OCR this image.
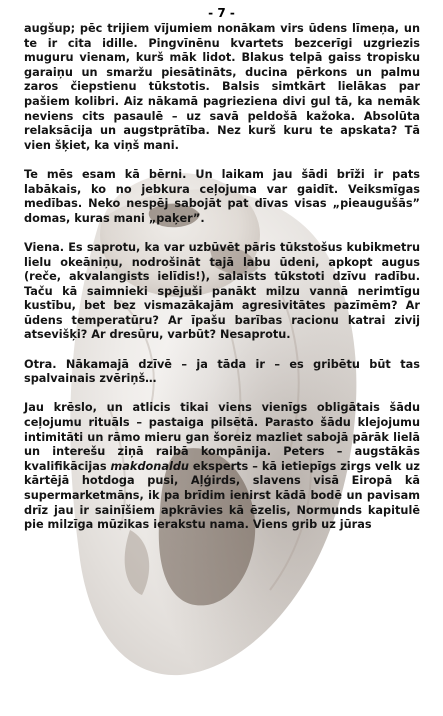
- 7 -

augšup; pēc trijiem vījumiem nonākam virs ūdens līmeņa, un te ir cita idille. Pingvīnēnu kvartets bezcerīgi uzgriezis muguru vienam, kurš māk lidot. Blakus telpā gaiss tropisku garaiņu un smaržu piesātināts, ducina pērkons un palmu zaros čiepstienu tūkstotis. Balsis simtkārt lielākas par pašiem kolibri. Aiz nākamā pagrieziena divi gul tā, ka nemāk neviens cits pasaulē – uz savā peldošā kažoka. Absolūta relaksācija un augstprātība. Nez kurš kuru te apskata? Tā vien šķiet, ka viņš mani.

Te mēs esam kā bērni. Un laikam jau šādi brīži ir pats labākais, ko no jebkura ceļojuma var gaidīt. Veiksmīgas medības. Neko nespēj sabojāt pat dīvas visas „pieaugušās” domas, kuras mani „paķer”.

Viena. Es saprotu, ka var uzbūvēt pāris tūkstošus kubikmetru lielu okeāniņu, nodrošināt tajā labu ūdeni, apkopt augus (reče, akvalangists ielīdis!), salaists tūkstoti dzīvu radību. Taču kā saimnieki spējuši panākt milzu vannā nerimtīgu kustību, bet bez vismazākajām agresivitātes pazīmēm? Ar ūdens temperatūru? Ar īpašu barības racionu katrai zivij atsevišķi? Ar dresūru, varbūt? Nesaprotu.

Otra. Nākamajā dzīvē – ja tāda ir – es gribētu būt tas spalvainais zvēriņš…

Jau krēslo, un atlicis tikai viens vienīgs obligātais šādu ceļojumu rituāls – pastaiga pilsētā. Parasto šādu klejojumu intimitāti un rāmo mieru gan šoreiz mazliet sabojā pārāk lielā un interešu ziņā raibā kompānija. Peters – augstākās kvalifikācijas makdonaldu eksperts – kā ietiepīgs zirgs velk uz kārtējā hotdoga pusi, Aļģirds, slavens visā Eiropā kā supermarketmāns, ik pa brīdim ienirst kādā bodē un pavisam drīz jau ir sainīšiem apkrāvies kā ēzelis, Normunds kapitulē pie milzīga mūzikas ierakstu nama. Viens grib uz jūras
